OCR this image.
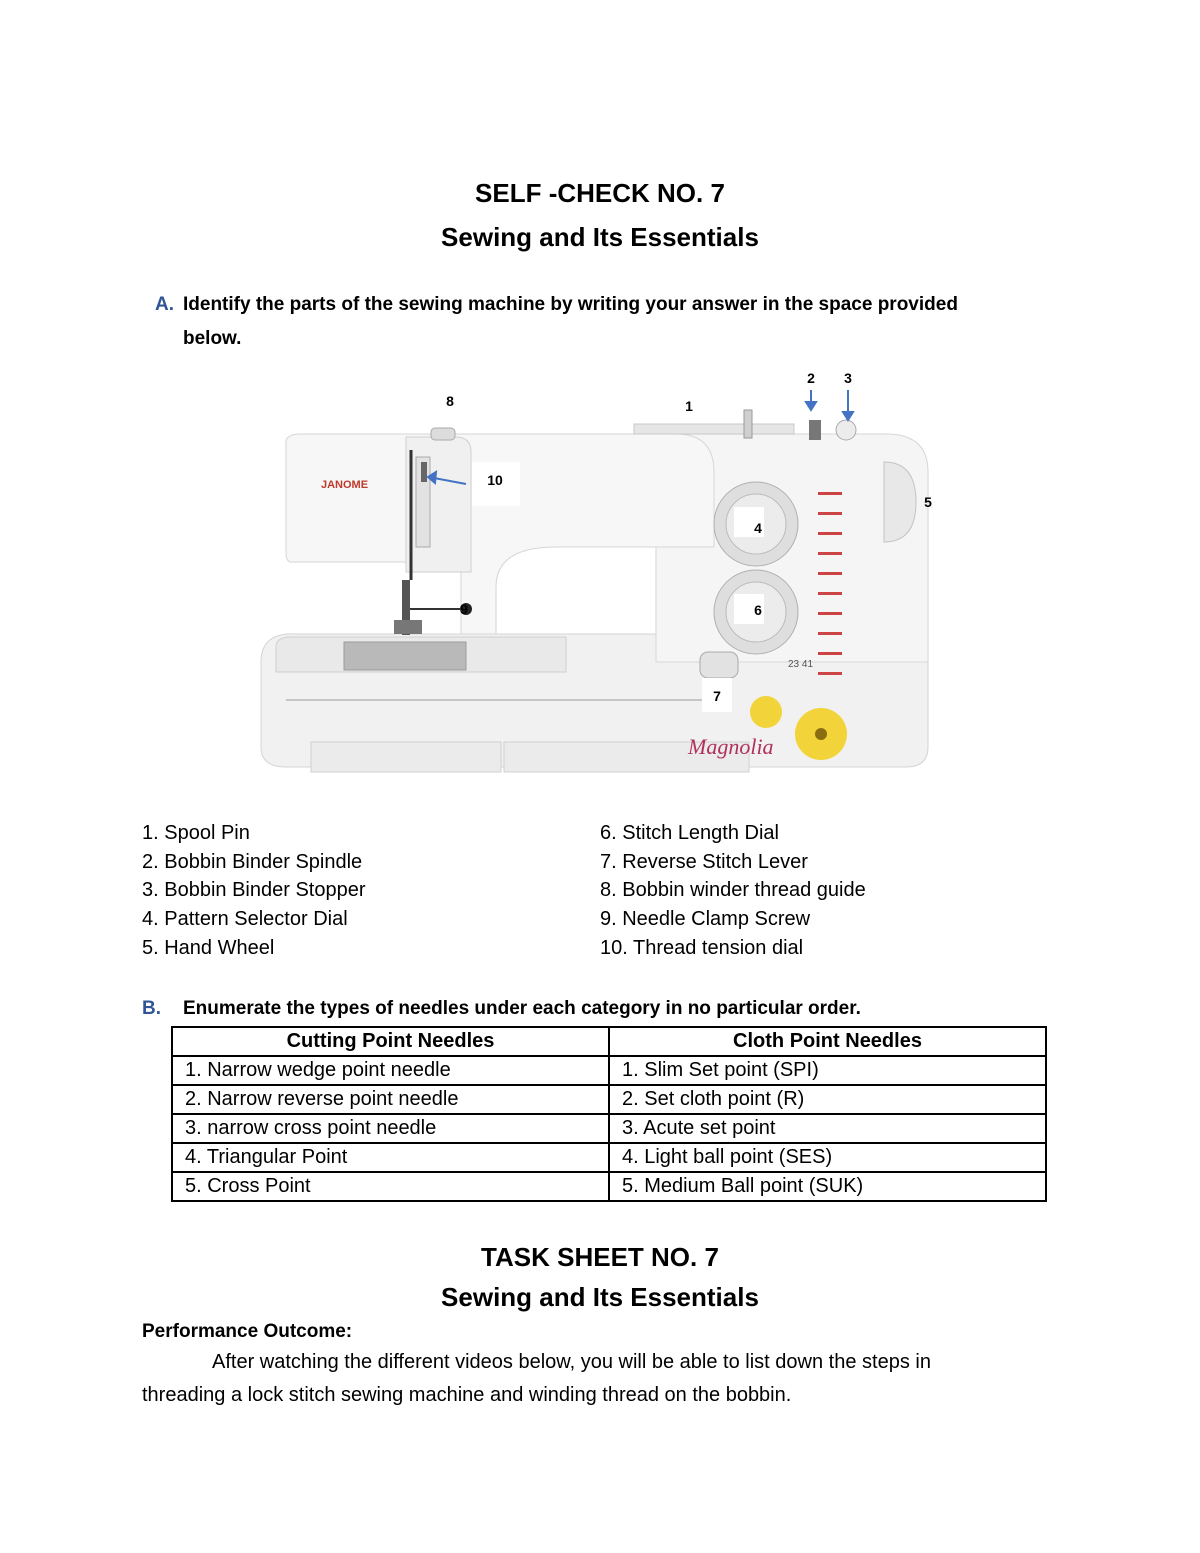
SELF -CHECK NO. 7
Sewing and Its Essentials
A. Identify the parts of the sewing machine by writing your answer in the space provided
below.
JANOME
23 41
Magnolia
1
2 3
4
5
6
7
8
9
10
1. Spool Pin
2. Bobbin Binder Spindle
3. Bobbin Binder Stopper
4. Pattern Selector Dial
5. Hand Wheel
6. Stitch Length Dial
7. Reverse Stitch Lever
8. Bobbin winder thread guide
9. Needle Clamp Screw
10. Thread tension dial
B. Enumerate the types of needles under each category in no particular order.
Cutting Point Needles	Cloth Point Needles
1. Narrow wedge point needle	1. Slim Set point (SPI)
2. Narrow reverse point needle	2. Set cloth point (R)
3. narrow cross point needle	3. Acute set point
4. Triangular Point	4. Light ball point (SES)
5. Cross Point	5. Medium Ball point (SUK)
TASK SHEET NO. 7
Sewing and Its Essentials
Performance Outcome:
After watching the different videos below, you will be able to list down the steps in
threading a lock stitch sewing machine and winding thread on the bobbin.
